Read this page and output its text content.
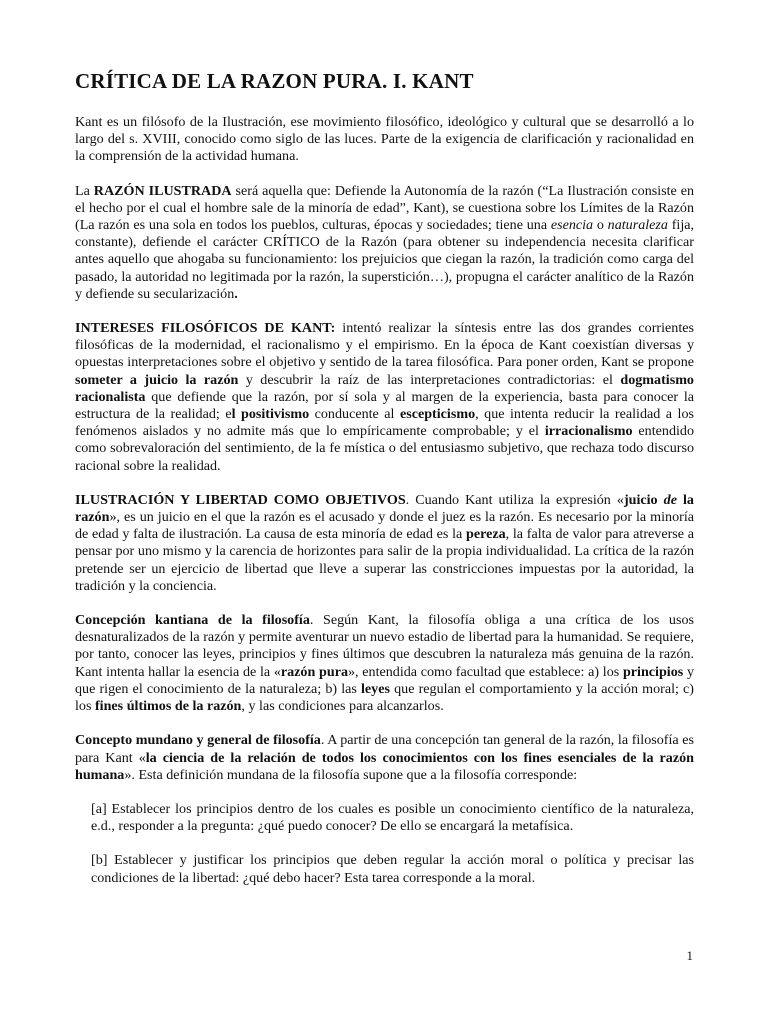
CRÍTICA DE LA RAZON PURA. I. KANT

Kant es un filósofo de la Ilustración, ese movimiento filosófico, ideológico y cultural que se desarrolló a lo largo del s. XVIII, conocido como siglo de las luces. Parte de la exigencia de clarificación y racionalidad en la comprensión de la actividad humana.

La RAZÓN ILUSTRADA será aquella que: Defiende la Autonomía de la razón (“La Ilustración consiste en el hecho por el cual el hombre sale de la minoría de edad”, Kant), se cuestiona sobre los Límites de la Razón (La razón es una sola en todos los pueblos, culturas, épocas y sociedades; tiene una esencia o naturaleza fija, constante), defiende el carácter CRÍTICO de la Razón (para obtener su independencia necesita clarificar antes aquello que ahogaba su funcionamiento: los prejuicios que ciegan la razón, la tradición como carga del pasado, la autoridad no legitimada por la razón, la superstición…), propugna el carácter analítico de la Razón y defiende su secularización.

INTERESES FILOSÓFICOS DE KANT: intentó realizar la síntesis entre las dos grandes corrientes filosóficas de la modernidad, el racionalismo y el empirismo. En la época de Kant coexistían diversas y opuestas interpretaciones sobre el objetivo y sentido de la tarea filosófica. Para poner orden, Kant se propone someter a juicio la razón y descubrir la raíz de las interpretaciones contradictorias: el dogmatismo racionalista que defiende que la razón, por sí sola y al margen de la experiencia, basta para conocer la estructura de la realidad; el positivismo conducente al escepticismo, que intenta reducir la realidad a los fenómenos aislados y no admite más que lo empíricamente comprobable; y el irracionalismo entendido como sobrevaloración del sentimiento, de la fe mística o del entusiasmo subjetivo, que rechaza todo discurso racional sobre la realidad.

ILUSTRACIÓN Y LIBERTAD COMO OBJETIVOS. Cuando Kant utiliza la expresión «juicio de la razón», es un juicio en el que la razón es el acusado y donde el juez es la razón. Es necesario por la minoría de edad y falta de ilustración. La causa de esta minoría de edad es la pereza, la falta de valor para atreverse a pensar por uno mismo y la carencia de horizontes para salir de la propia individualidad. La crítica de la razón pretende ser un ejercicio de libertad que lleve a superar las constricciones impuestas por la autoridad, la tradición y la conciencia.

Concepción kantiana de la filosofía. Según Kant, la filosofía obliga a una crítica de los usos desnaturalizados de la razón y permite aventurar un nuevo estadio de libertad para la humanidad. Se requiere, por tanto, conocer las leyes, principios y fines últimos que descubren la naturaleza más genuina de la razón. Kant intenta hallar la esencia de la «razón pura», entendida como facultad que establece: a) los principios y que rigen el conocimiento de la naturaleza; b) las leyes que regulan el comportamiento y la acción moral; c) los fines últimos de la razón, y las condiciones para alcanzarlos.

Concepto mundano y general de filosofía. A partir de una concepción tan general de la razón, la filosofía es para Kant «la ciencia de la relación de todos los conocimientos con los fines esenciales de la razón humana». Esta definición mundana de la filosofía supone que a la filosofía corresponde:

[a] Establecer los principios dentro de los cuales es posible un conocimiento científico de la naturaleza, e.d., responder a la pregunta: ¿qué puedo conocer? De ello se encargará la metafísica.

[b] Establecer y justificar los principios que deben regular la acción moral o política y precisar las condiciones de la libertad: ¿qué debo hacer? Esta tarea corresponde a la moral.

1
